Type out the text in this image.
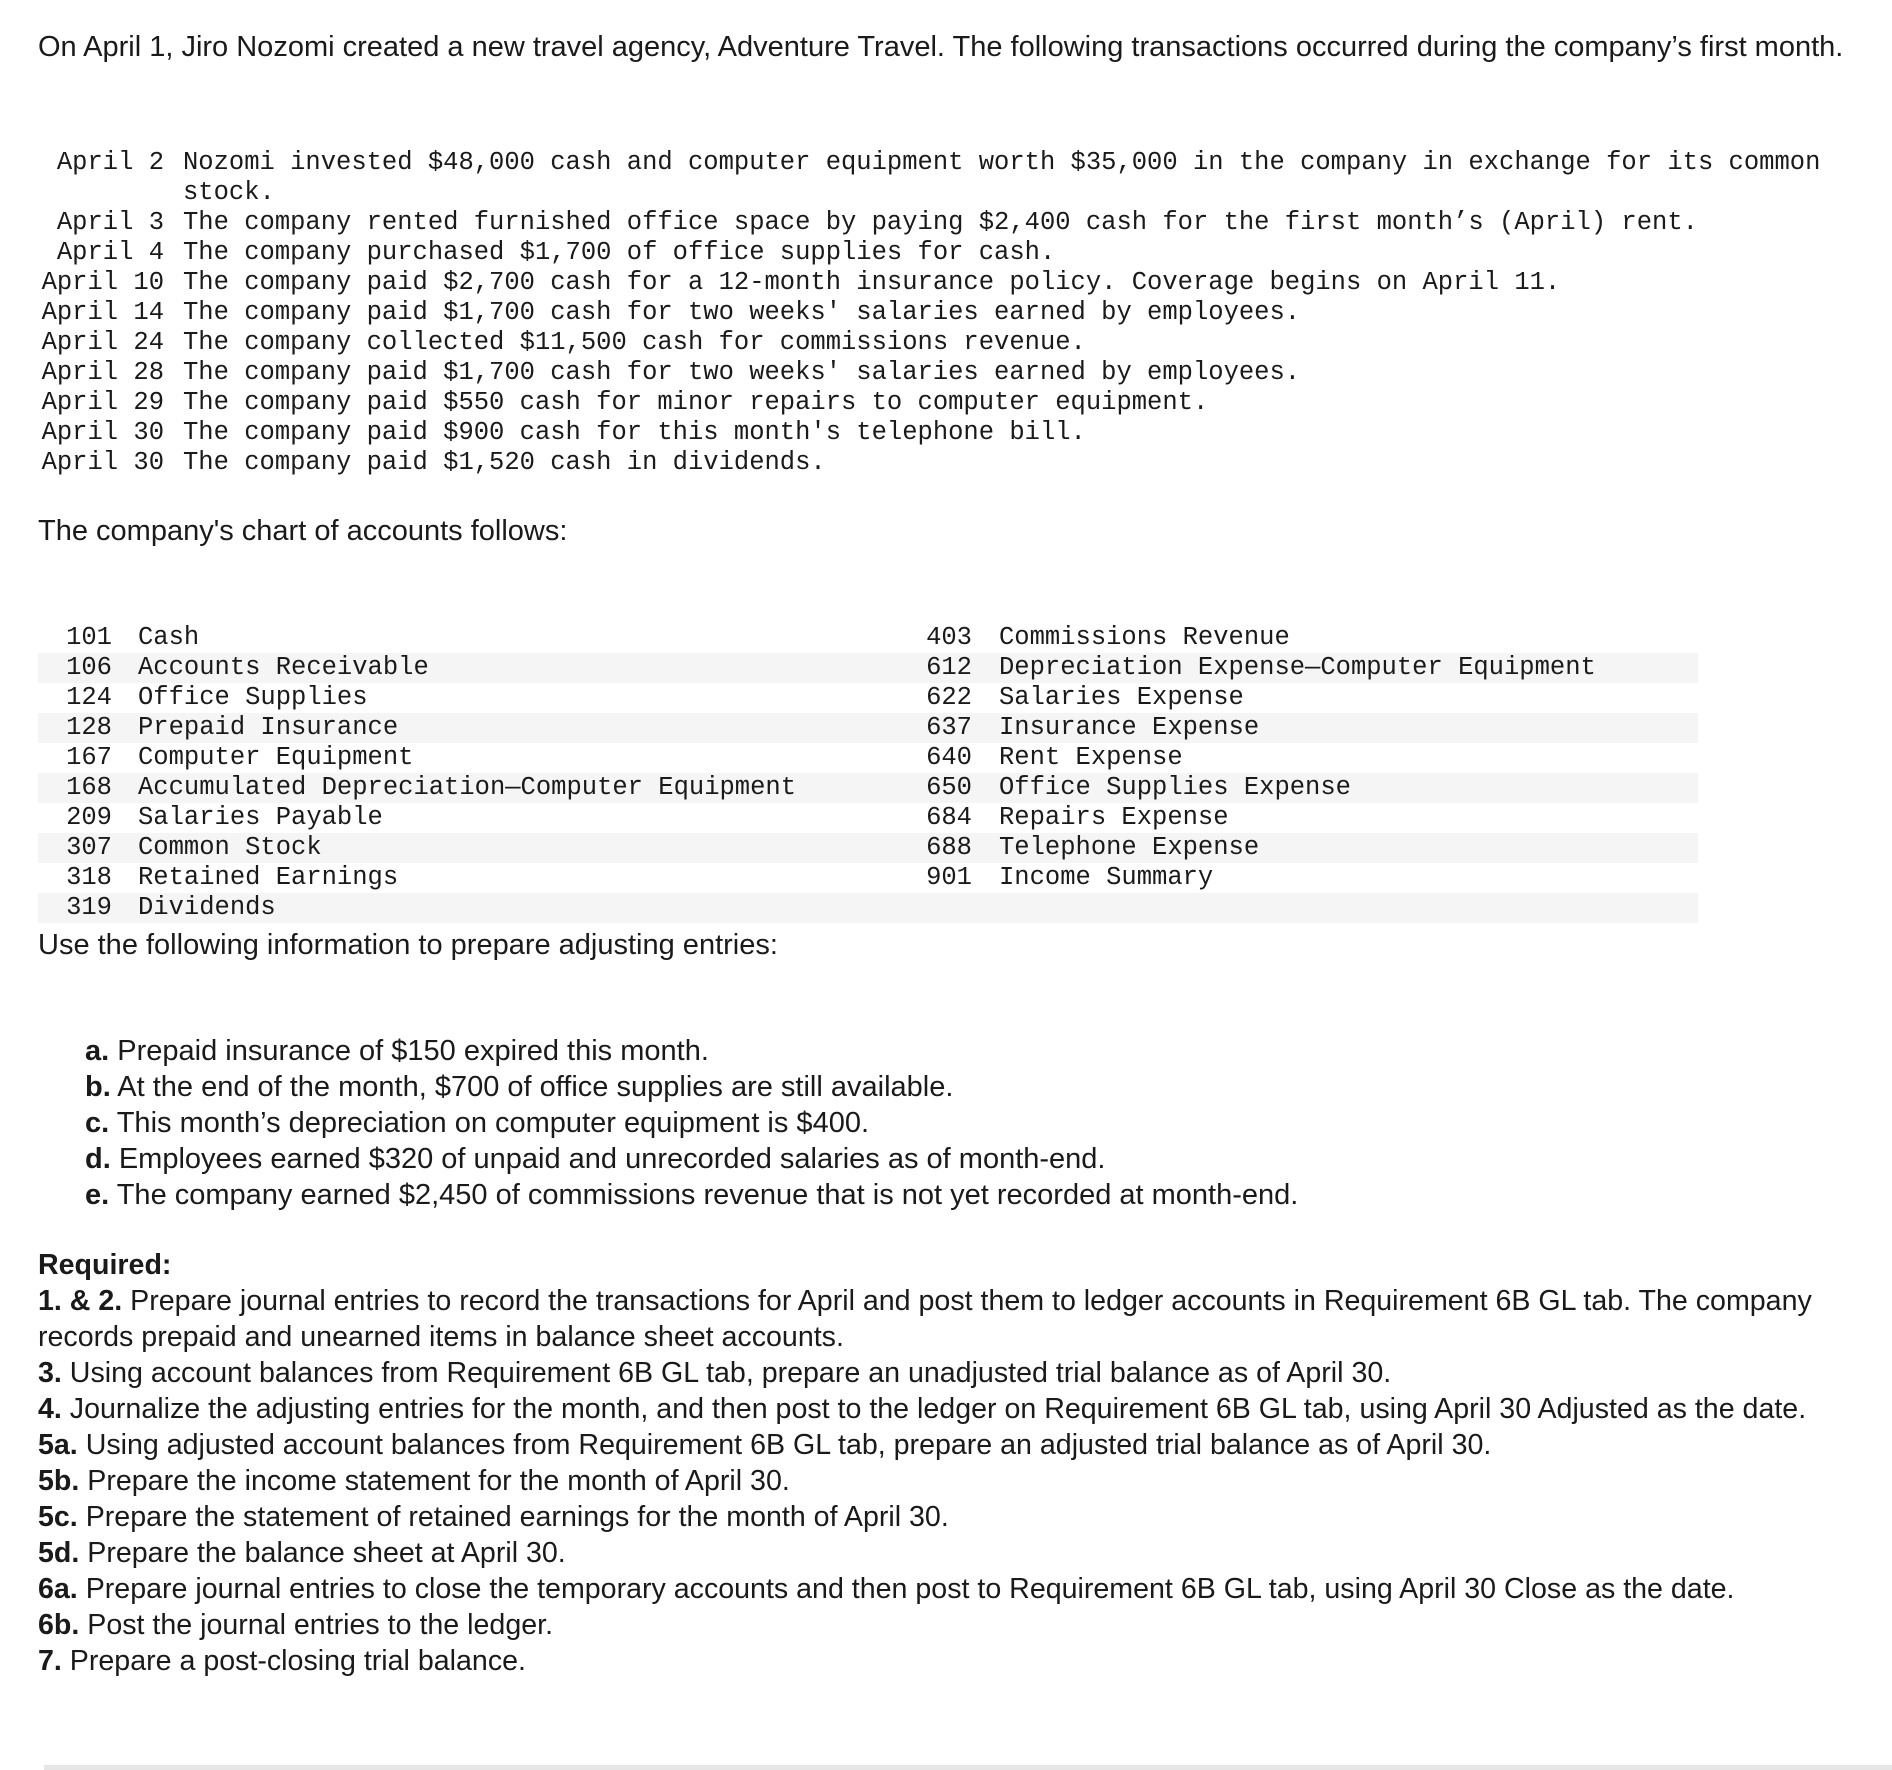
On April 1, Jiro Nozomi created a new travel agency, Adventure Travel. The following transactions occurred during the company’s first month.

April 2	Nozomi invested $48,000 cash and computer equipment worth $35,000 in the company in exchange for its common stock.
April 3	The company rented furnished office space by paying $2,400 cash for the first month’s (April) rent.
April 4	The company purchased $1,700 of office supplies for cash.
April 10	The company paid $2,700 cash for a 12-month insurance policy. Coverage begins on April 11.
April 14	The company paid $1,700 cash for two weeks' salaries earned by employees.
April 24	The company collected $11,500 cash for commissions revenue.
April 28	The company paid $1,700 cash for two weeks' salaries earned by employees.
April 29	The company paid $550 cash for minor repairs to computer equipment.
April 30	The company paid $900 cash for this month's telephone bill.
April 30	The company paid $1,520 cash in dividends.

The company's chart of accounts follows:

101 Cash	403 Commissions Revenue
106 Accounts Receivable	612 Depreciation Expense—Computer Equipment
124 Office Supplies	622 Salaries Expense
128 Prepaid Insurance	637 Insurance Expense
167 Computer Equipment	640 Rent Expense
168 Accumulated Depreciation—Computer Equipment	650 Office Supplies Expense
209 Salaries Payable	684 Repairs Expense
307 Common Stock	688 Telephone Expense
318 Retained Earnings	901 Income Summary
319 Dividends

Use the following information to prepare adjusting entries:

a. Prepaid insurance of $150 expired this month.
b. At the end of the month, $700 of office supplies are still available.
c. This month’s depreciation on computer equipment is $400.
d. Employees earned $320 of unpaid and unrecorded salaries as of month-end.
e. The company earned $2,450 of commissions revenue that is not yet recorded at month-end.
Required:
1. & 2. Prepare journal entries to record the transactions for April and post them to ledger accounts in Requirement 6B GL tab. The company records prepaid and unearned items in balance sheet accounts.
3. Using account balances from Requirement 6B GL tab, prepare an unadjusted trial balance as of April 30.
4. Journalize the adjusting entries for the month, and then post to the ledger on Requirement 6B GL tab, using April 30 Adjusted as the date.
5a. Using adjusted account balances from Requirement 6B GL tab, prepare an adjusted trial balance as of April 30.
5b. Prepare the income statement for the month of April 30.
5c. Prepare the statement of retained earnings for the month of April 30.
5d. Prepare the balance sheet at April 30.
6a. Prepare journal entries to close the temporary accounts and then post to Requirement 6B GL tab, using April 30 Close as the date.
6b. Post the journal entries to the ledger.
7. Prepare a post-closing trial balance.
